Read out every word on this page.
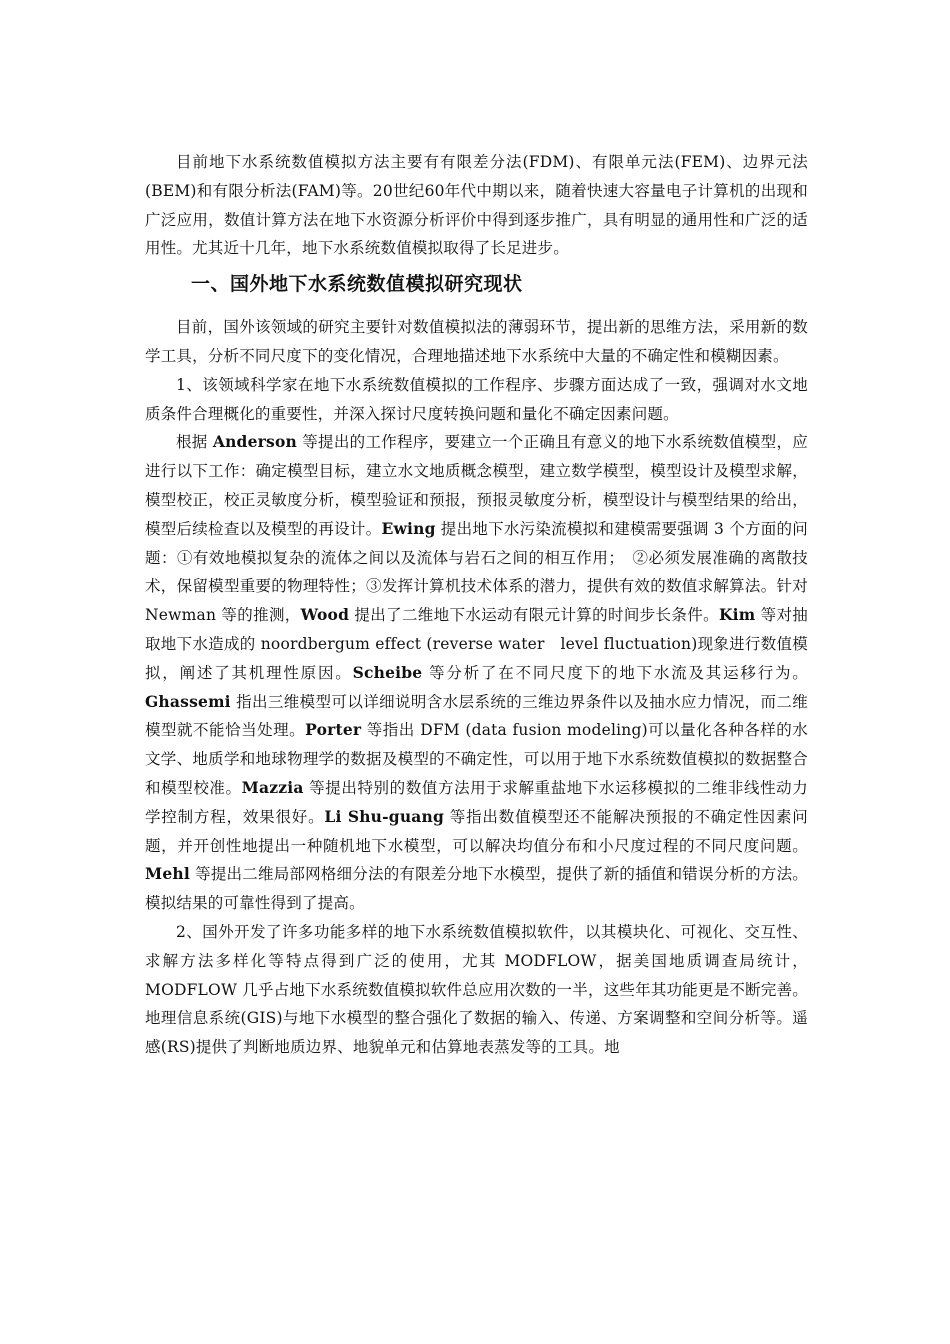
目前地下水系统数值模拟方法主要有有限差分法(FDM)、有限单元法(FEM)、边界元法(BEM)和有限分析法(FAM)等。20世纪60年代中期以来，随着快速大容量电子计算机的出现和广泛应用，数值计算方法在地下水资源分析评价中得到逐步推广，具有明显的通用性和广泛的适用性。尤其近十几年，地下水系统数值模拟取得了长足进步。

一、国外地下水系统数值模拟研究现状

目前，国外该领域的研究主要针对数值模拟法的薄弱环节，提出新的思维方法，采用新的数学工具，分析不同尺度下的变化情况，合理地描述地下水系统中大量的不确定性和模糊因素。

1、该领域科学家在地下水系统数值模拟的工作程序、步骤方面达成了一致，强调对水文地质条件合理概化的重要性，并深入探讨尺度转换问题和量化不确定因素问题。

根据 Anderson 等提出的工作程序，要建立一个正确且有意义的地下水系统数值模型，应进行以下工作：确定模型目标，建立水文地质概念模型，建立数学模型，模型设计及模型求解，模型校正，校正灵敏度分析，模型验证和预报，预报灵敏度分析，模型设计与模型结果的给出，模型后续检查以及模型的再设计。Ewing 提出地下水污染流模拟和建模需要强调 3 个方面的问题：①有效地模拟复杂的流体之间以及流体与岩石之间的相互作用；　②必须发展准确的离散技术，保留模型重要的物理特性；③发挥计算机技术体系的潜力，提供有效的数值求解算法。针对 Newman 等的推测，Wood 提出了二维地下水运动有限元计算的时间步长条件。Kim 等对抽取地下水造成的 noordbergum effect (reverse water　level fluctuation)现象进行数值模拟，阐述了其机理性原因。Scheibe 等分析了在不同尺度下的地下水流及其运移行为。Ghassemi 指出三维模型可以详细说明含水层系统的三维边界条件以及抽水应力情况，而二维模型就不能恰当处理。Porter 等指出 DFM (data fusion modeling)可以量化各种各样的水文学、地质学和地球物理学的数据及模型的不确定性，可以用于地下水系统数值模拟的数据整合和模型校准。Mazzia 等提出特别的数值方法用于求解重盐地下水运移模拟的二维非线性动力学控制方程，效果很好。Li Shu-guang 等指出数值模型还不能解决预报的不确定性因素问题，并开创性地提出一种随机地下水模型，可以解决均值分布和小尺度过程的不同尺度问题。Mehl 等提出二维局部网格细分法的有限差分地下水模型，提供了新的插值和错误分析的方法。模拟结果的可靠性得到了提高。

2、国外开发了许多功能多样的地下水系统数值模拟软件，以其模块化、可视化、交互性、求解方法多样化等特点得到广泛的使用，尤其 MODFLOW，据美国地质调查局统计，MODFLOW 几乎占地下水系统数值模拟软件总应用次数的一半，这些年其功能更是不断完善。地理信息系统(GIS)与地下水模型的整合强化了数据的输入、传递、方案调整和空间分析等。遥感(RS)提供了判断地质边界、地貌单元和估算地表蒸发等的工具。地
